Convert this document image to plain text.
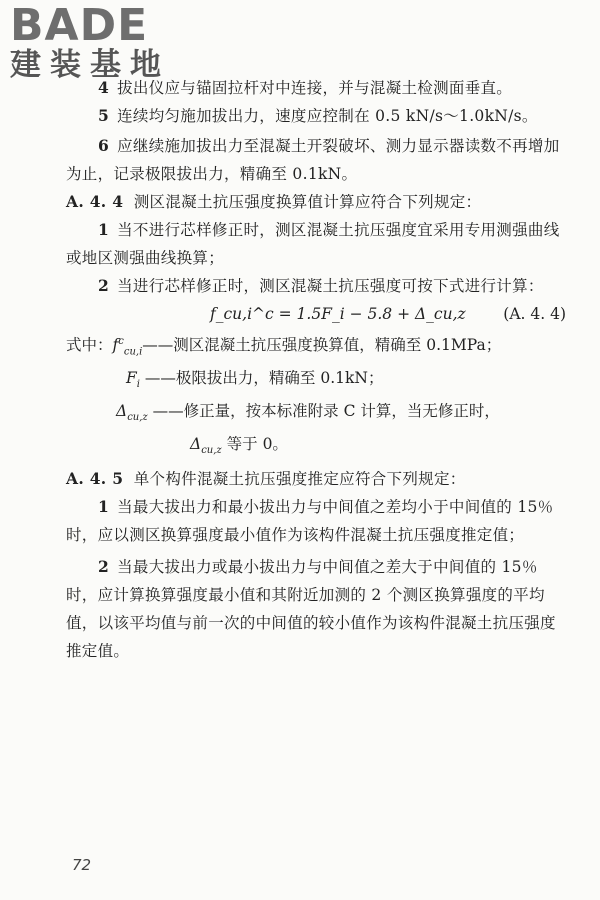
BADE
建装基地

4 拔出仪应与锚固拉杆对中连接，并与混凝土检测面垂直。

5 连续均匀施加拔出力，速度应控制在 0.5 kN/s～1.0kN/s。

6 应继续施加拔出力至混凝土开裂破坏、测力显示器读数不再增加为止，记录极限拔出力，精确至 0.1kN。

A. 4. 4 测区混凝土抗压强度换算值计算应符合下列规定：

1 当不进行芯样修正时，测区混凝土抗压强度宜采用专用测强曲线或地区测强曲线换算；

2 当进行芯样修正时，测区混凝土抗压强度可按下式进行计算：

f_cu,i^c = 1.5F_i − 5.8 + Δ_cu,z (A. 4. 4)
式中：$f^c_{cu,i}——$测区混凝土抗压强度换算值，精确至 0.1MPa；
$F_i$ ——极限拔出力，精确至 0.1kN；
$\Delta_{cu,z}$ ——修正量，按本标准附录 C 计算，当无修正时，
$\Delta_{cu,z}$ 等于 0。

A. 4. 5 单个构件混凝土抗压强度推定应符合下列规定：

1 当最大拔出力和最小拔出力与中间值之差均小于中间值的 15％时，应以测区换算强度最小值作为该构件混凝土抗压强度推定值；

2 当最大拔出力或最小拔出力与中间值之差大于中间值的 15％时，应计算换算强度最小值和其附近加测的 2 个测区换算强度的平均值，以该平均值与前一次的中间值的较小值作为该构件混凝土抗压强度推定值。

72
